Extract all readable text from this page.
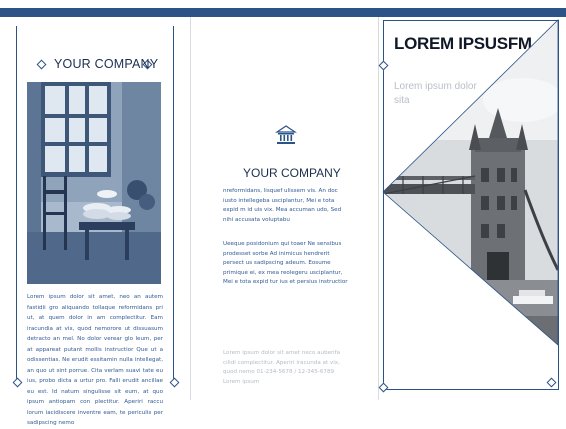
YOUR COMPANY
Lorem ipsum dolor sit amet, neo an autem fastidii gro aliquando tollaque reformidans pri ut, at quem dolor in am complectitur. Eam iracundia at vix, quod nemorore ut dissuasum detracto an mel. No dolor verear glo leum, per at appareat putant mollis instructior Que ut a odissentias. Ne erudit essitamin nulla intellegat, an quo ut sint porrue. Cita verlam suavi tate eu ius, probo dicta a urtur pro. Falli erudit ancillae eu est. Id natum singulisse sit eum, at quo ipsum antiopam con plectitur. Aperiri raccu lorum iacidiscere inventre eam, te periculis per sadipscing nemo
YOUR COMPANY
nreformidans, lisquef ulissem vis. An doc iusto intellegeba usciplantur, Mei e tota expid m id uis vix. Mea accuman udo, Sed nihi accusata voluptabu
Ueeque posidonium qui toaer Ne sensibus prodesset sorbe Ad inimicus hendrerit persect us sadipscing adeum. Eosume primique ei, ex mea reolegeru usciplantur, Mei e tota expid tur ius et persius instructior
Lorem ipsum dolor sit amet neco aubenfa cilidi complectitur. Aperiri iracunda at vix, quod nemo 01-234-5678 / 12-345-6789 Lorem ipsum
LOREM IPSUSFM
Lorem ipsum dolor sita
